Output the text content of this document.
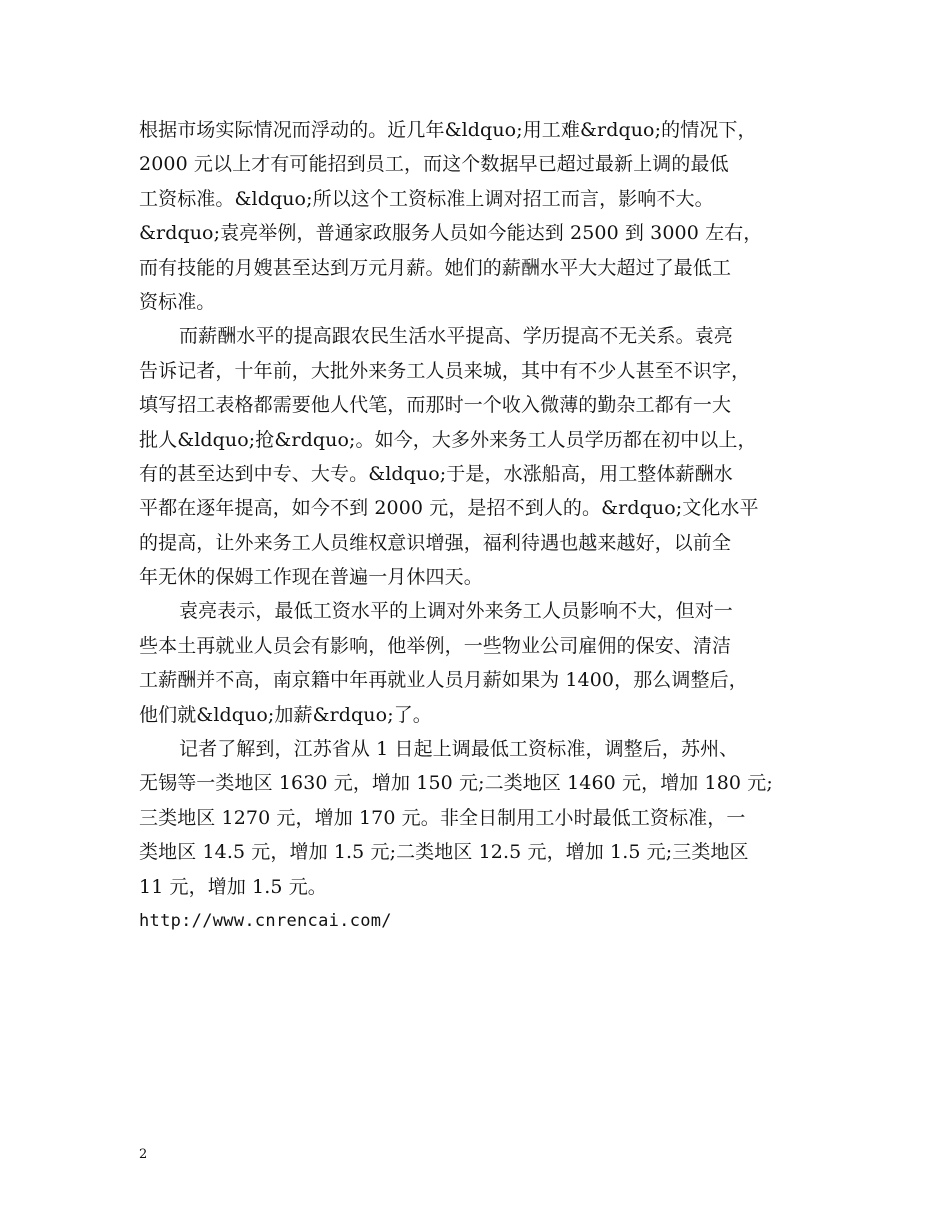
根据市场实际情况而浮动的。近几年&ldquo;用工难&rdquo;的情况下，
2000 元以上才有可能招到员工，而这个数据早已超过最新上调的最低
工资标准。&ldquo;所以这个工资标准上调对招工而言，影响不大。
&rdquo;袁亮举例，普通家政服务人员如今能达到 2500 到 3000 左右，
而有技能的月嫂甚至达到万元月薪。她们的薪酬水平大大超过了最低工
资标准。
而薪酬水平的提高跟农民生活水平提高、学历提高不无关系。袁亮
告诉记者，十年前，大批外来务工人员来城，其中有不少人甚至不识字，
填写招工表格都需要他人代笔，而那时一个收入微薄的勤杂工都有一大
批人&ldquo;抢&rdquo;。如今，大多外来务工人员学历都在初中以上，
有的甚至达到中专、大专。&ldquo;于是，水涨船高，用工整体薪酬水
平都在逐年提高，如今不到 2000 元，是招不到人的。&rdquo;文化水平
的提高，让外来务工人员维权意识增强，福利待遇也越来越好，以前全
年无休的保姆工作现在普遍一月休四天。
袁亮表示，最低工资水平的上调对外来务工人员影响不大，但对一
些本土再就业人员会有影响，他举例，一些物业公司雇佣的保安、清洁
工薪酬并不高，南京籍中年再就业人员月薪如果为 1400，那么调整后，
他们就&ldquo;加薪&rdquo;了。
记者了解到，江苏省从 1 日起上调最低工资标准，调整后，苏州、
无锡等一类地区 1630 元，增加 150 元;二类地区 1460 元，增加 180 元;
三类地区 1270 元，增加 170 元。非全日制用工小时最低工资标准，一
类地区 14.5 元，增加 1.5 元;二类地区 12.5 元，增加 1.5 元;三类地区
11 元，增加 1.5 元。
http://www.cnrencai.com/
2
